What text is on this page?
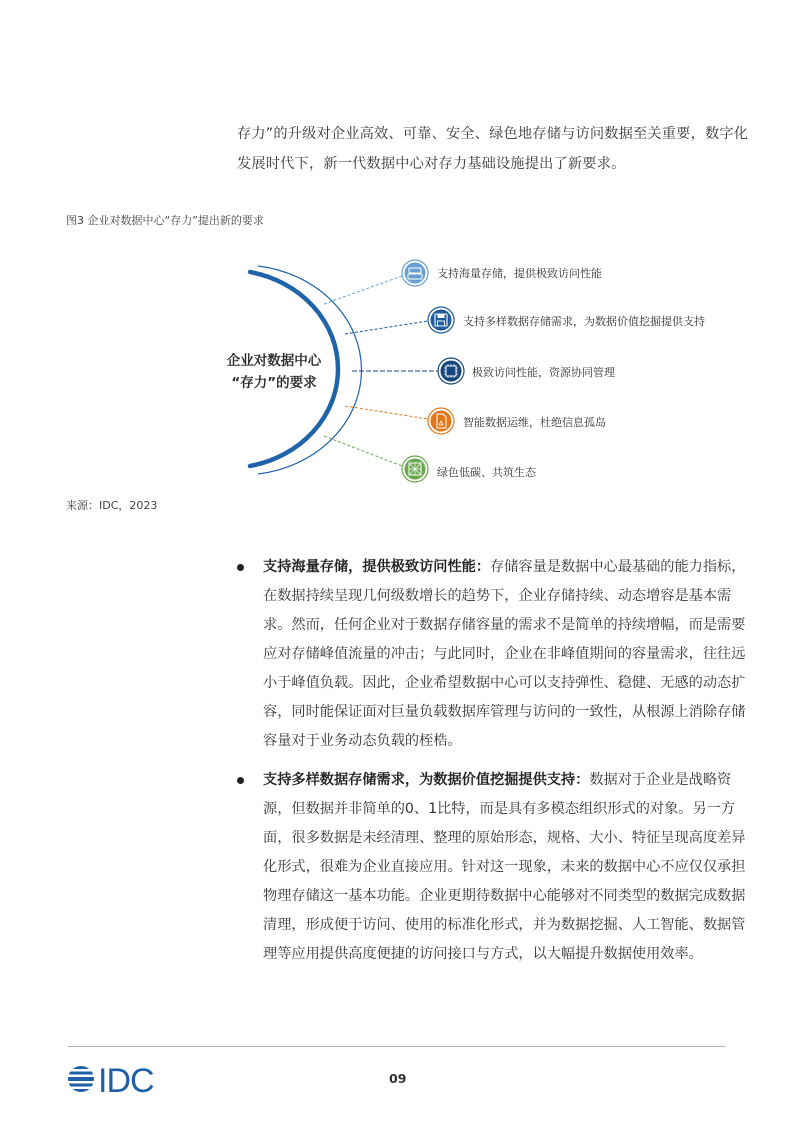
存力”的升级对企业高效、可靠、安全、绿色地存储与访问数据至关重要，数字化
发展时代下，新一代数据中心对存力基础设施提出了新要求。
图3 企业对数据中心“存力”提出新的要求
企业对数据中心
“存力”的要求
支持海量存储，提供极致访问性能
支持多样数据存储需求，为数据价值挖掘提供支持
极致访问性能，资源协同管理
智能数据运维，杜绝信息孤岛
绿色低碳、共筑生态
来源：IDC，2023
支持海量存储，提供极致访问性能：存储容量是数据中心最基础的能力指标，
在数据持续呈现几何级数增长的趋势下，企业存储持续、动态增容是基本需
求。然而，任何企业对于数据存储容量的需求不是简单的持续增幅，而是需要
应对存储峰值流量的冲击；与此同时，企业在非峰值期间的容量需求，往往远
小于峰值负载。因此，企业希望数据中心可以支持弹性、稳健、无感的动态扩
容，同时能保证面对巨量负载数据库管理与访问的一致性，从根源上消除存储
容量对于业务动态负载的桎梏。
支持多样数据存储需求，为数据价值挖掘提供支持：数据对于企业是战略资
源，但数据并非简单的0、1比特，而是具有多模态组织形式的对象。另一方
面，很多数据是未经清理、整理的原始形态，规格、大小、特征呈现高度差异
化形式，很难为企业直接应用。针对这一现象，未来的数据中心不应仅仅承担
物理存储这一基本功能。企业更期待数据中心能够对不同类型的数据完成数据
清理，形成便于访问、使用的标准化形式，并为数据挖掘、人工智能、数据管
理等应用提供高度便捷的访问接口与方式，以大幅提升数据使用效率。
IDC	09
